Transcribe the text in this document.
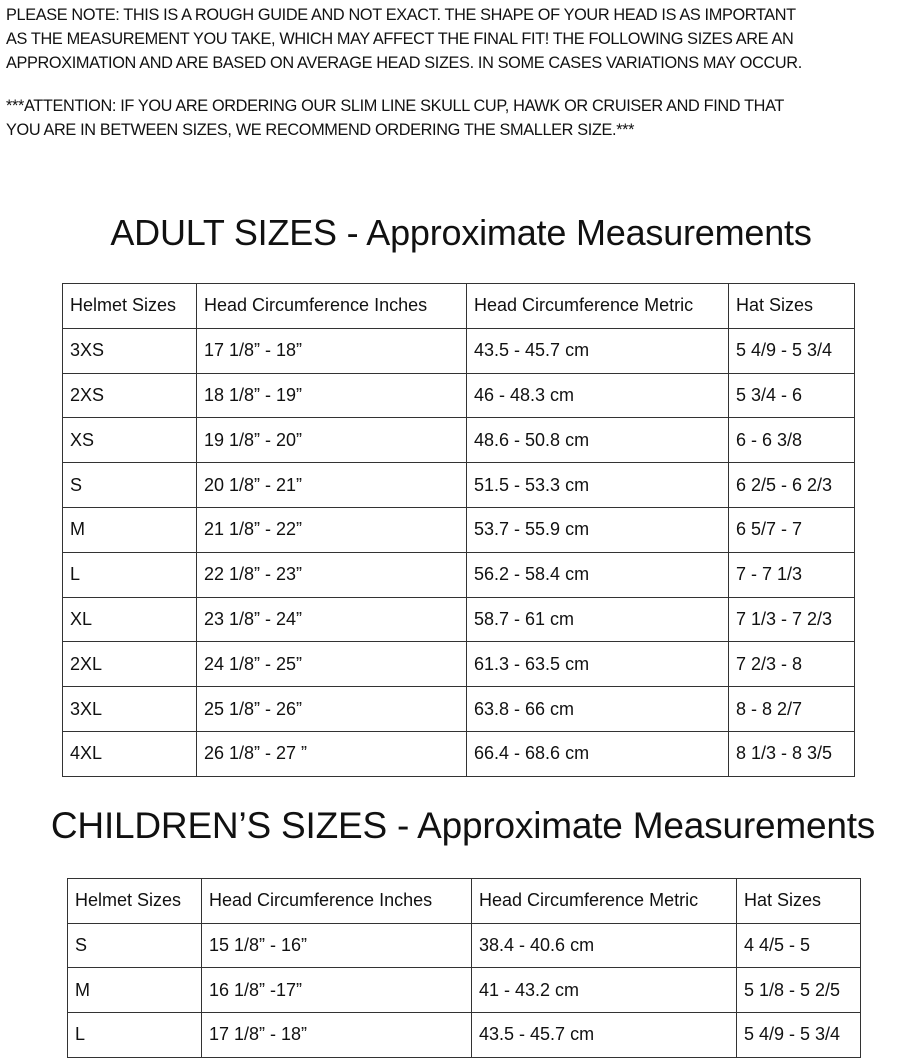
PLEASE NOTE: THIS IS A ROUGH GUIDE AND NOT EXACT. THE SHAPE OF YOUR HEAD IS AS IMPORTANT

AS THE MEASUREMENT YOU TAKE, WHICH MAY AFFECT THE FINAL FIT! THE FOLLOWING SIZES ARE AN

APPROXIMATION AND ARE BASED ON AVERAGE HEAD SIZES. IN SOME CASES VARIATIONS MAY OCCUR.

***ATTENTION: IF YOU ARE ORDERING OUR SLIM LINE SKULL CUP, HAWK OR CRUISER AND FIND THAT

YOU ARE IN BETWEEN SIZES, WE RECOMMEND ORDERING THE SMALLER SIZE.***

ADULT SIZES - Approximate Measurements
Helmet Sizes	Head Circumference Inches	Head Circumference Metric	Hat Sizes
3XS	17 1/8” - 18”	43.5 - 45.7 cm	5 4/9 - 5 3/4
2XS	18 1/8” - 19”	46 - 48.3 cm	5 3/4 - 6
XS	19 1/8” - 20”	48.6 - 50.8 cm	6 - 6 3/8
S	20 1/8” - 21”	51.5 - 53.3 cm	6 2/5 - 6 2/3
M	21 1/8” - 22”	53.7 - 55.9 cm	6 5/7 - 7
L	22 1/8” - 23”	56.2 - 58.4 cm	7 - 7 1/3
XL	23 1/8” - 24”	58.7 - 61 cm	7 1/3 - 7 2/3
2XL	24 1/8” - 25”	61.3 - 63.5 cm	7 2/3 - 8
3XL	25 1/8” - 26”	63.8 - 66 cm	8 - 8 2/7
4XL	26 1/8” - 27 ”	66.4 - 68.6 cm	8 1/3 - 8 3/5
CHILDREN’S SIZES - Approximate Measurements
Helmet Sizes	Head Circumference Inches	Head Circumference Metric	Hat Sizes
S	15 1/8” - 16”	38.4 - 40.6 cm	4 4/5 - 5
M	16 1/8” -17”	41 - 43.2 cm	5 1/8 - 5 2/5
L	17 1/8” - 18”	43.5 - 45.7 cm	5 4/9 - 5 3/4
